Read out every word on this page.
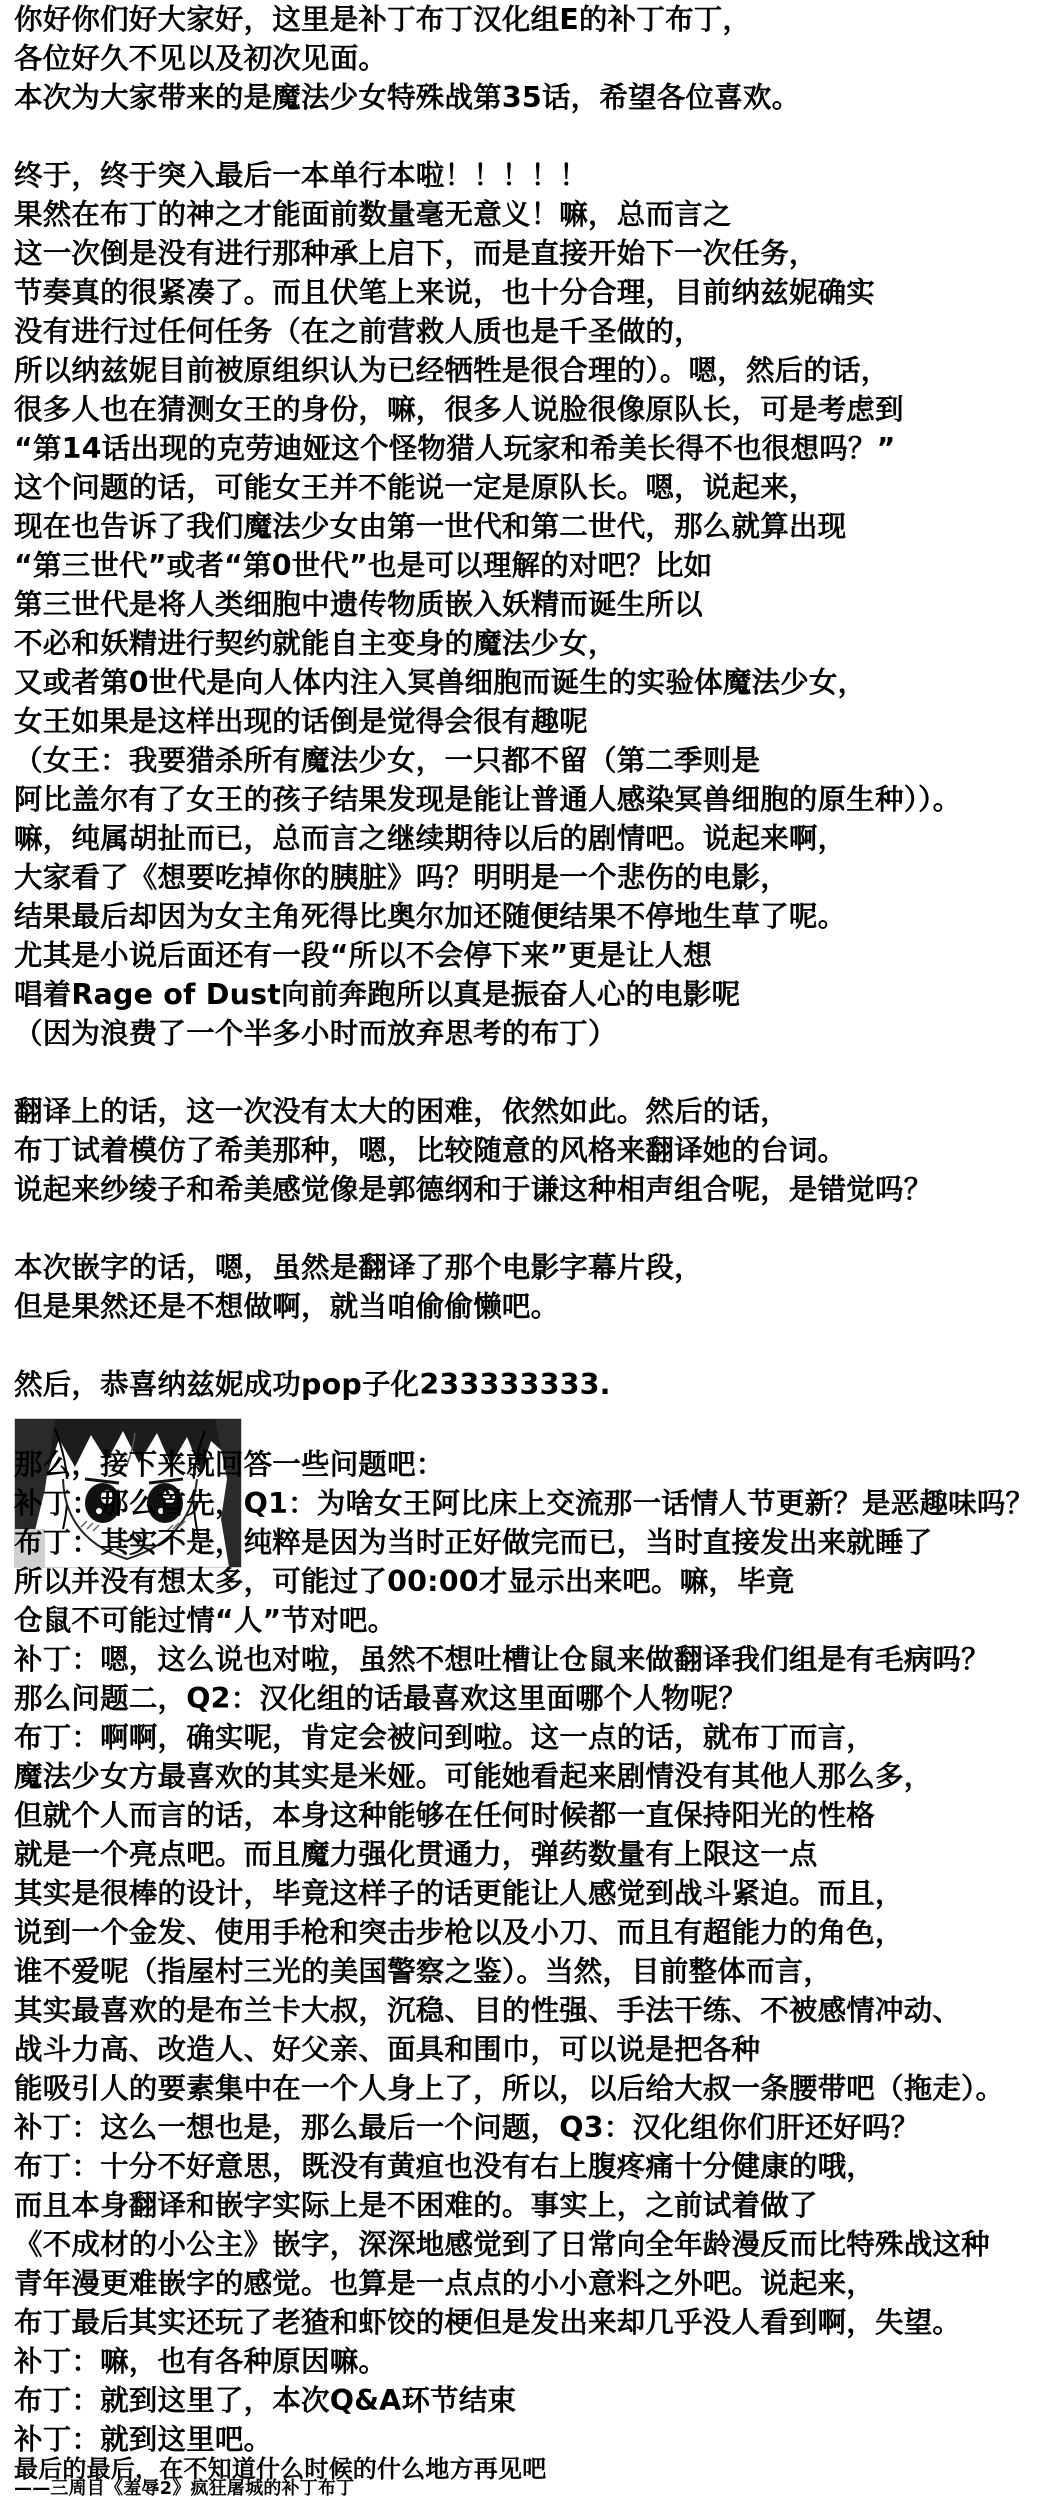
你好你们好大家好，这里是补丁布丁汉化组E的补丁布丁，

各位好久不见以及初次见面。

本次为大家带来的是魔法少女特殊战第35话，希望各位喜欢。

终于，终于突入最后一本单行本啦！！！！！

果然在布丁的神之才能面前数量毫无意义！嘛，总而言之

这一次倒是没有进行那种承上启下，而是直接开始下一次任务，

节奏真的很紧凑了。而且伏笔上来说，也十分合理，目前纳兹妮确实

没有进行过任何任务（在之前营救人质也是千圣做的，

所以纳兹妮目前被原组织认为已经牺牲是很合理的）。嗯，然后的话，

很多人也在猜测女王的身份，嘛，很多人说脸很像原队长，可是考虑到

“第14话出现的克劳迪娅这个怪物猎人玩家和希美长得不也很想吗？”

这个问题的话，可能女王并不能说一定是原队长。嗯，说起来，

现在也告诉了我们魔法少女由第一世代和第二世代，那么就算出现

“第三世代”或者“第0世代”也是可以理解的对吧？比如

第三世代是将人类细胞中遗传物质嵌入妖精而诞生所以

不必和妖精进行契约就能自主变身的魔法少女，

又或者第0世代是向人体内注入冥兽细胞而诞生的实验体魔法少女，

女王如果是这样出现的话倒是觉得会很有趣呢

（女王：我要猎杀所有魔法少女，一只都不留（第二季则是

阿比盖尔有了女王的孩子结果发现是能让普通人感染冥兽细胞的原生种））。

嘛，纯属胡扯而已，总而言之继续期待以后的剧情吧。说起来啊，

大家看了《想要吃掉你的胰脏》吗？明明是一个悲伤的电影，

结果最后却因为女主角死得比奥尔加还随便结果不停地生草了呢。

尤其是小说后面还有一段“所以不会停下来”更是让人想

唱着Rage of Dust向前奔跑所以真是振奋人心的电影呢

（因为浪费了一个半多小时而放弃思考的布丁）

翻译上的话，这一次没有太大的困难，依然如此。然后的话，

布丁试着模仿了希美那种，嗯，比较随意的风格来翻译她的台词。

说起来纱绫子和希美感觉像是郭德纲和于谦这种相声组合呢，是错觉吗？

本次嵌字的话，嗯，虽然是翻译了那个电影字幕片段，

但是果然还是不想做啊，就当咱偷偷懒吧。

然后，恭喜纳兹妮成功pop子化233333333.

那么，接下来就回答一些问题吧：

补丁：那么首先，Q1：为啥女王阿比床上交流那一话情人节更新？是恶趣味吗？

布丁：其实不是，纯粹是因为当时正好做完而已，当时直接发出来就睡了

所以并没有想太多，可能过了00:00才显示出来吧。嘛，毕竟

仓鼠不可能过情“人”节对吧。

补丁：嗯，这么说也对啦，虽然不想吐槽让仓鼠来做翻译我们组是有毛病吗？

那么问题二，Q2：汉化组的话最喜欢这里面哪个人物呢？

布丁：啊啊，确实呢，肯定会被问到啦。这一点的话，就布丁而言，

魔法少女方最喜欢的其实是米娅。可能她看起来剧情没有其他人那么多，

但就个人而言的话，本身这种能够在任何时候都一直保持阳光的性格

就是一个亮点吧。而且魔力强化贯通力，弹药数量有上限这一点

其实是很棒的设计，毕竟这样子的话更能让人感觉到战斗紧迫。而且，

说到一个金发、使用手枪和突击步枪以及小刀、而且有超能力的角色，

谁不爱呢（指屋村三光的美国警察之鉴）。当然，目前整体而言，

其实最喜欢的是布兰卡大叔，沉稳、目的性强、手法干练、不被感情冲动、

战斗力高、改造人、好父亲、面具和围巾，可以说是把各种

能吸引人的要素集中在一个人身上了，所以，以后给大叔一条腰带吧（拖走）。

补丁：这么一想也是，那么最后一个问题，Q3：汉化组你们肝还好吗？

布丁：十分不好意思，既没有黄疸也没有右上腹疼痛十分健康的哦，

而且本身翻译和嵌字实际上是不困难的。事实上，之前试着做了

《不成材的小公主》嵌字，深深地感觉到了日常向全年龄漫反而比特殊战这种

青年漫更难嵌字的感觉。也算是一点点的小小意料之外吧。说起来，

布丁最后其实还玩了老猹和虾饺的梗但是发出来却几乎没人看到啊，失望。

补丁：嘛，也有各种原因嘛。

布丁：就到这里了，本次Q&A环节结束

补丁：就到这里吧。

最后的最后，在不知道什么时候的什么地方再见吧

——三周目《羞辱2》疯狂屠城的补丁布丁
